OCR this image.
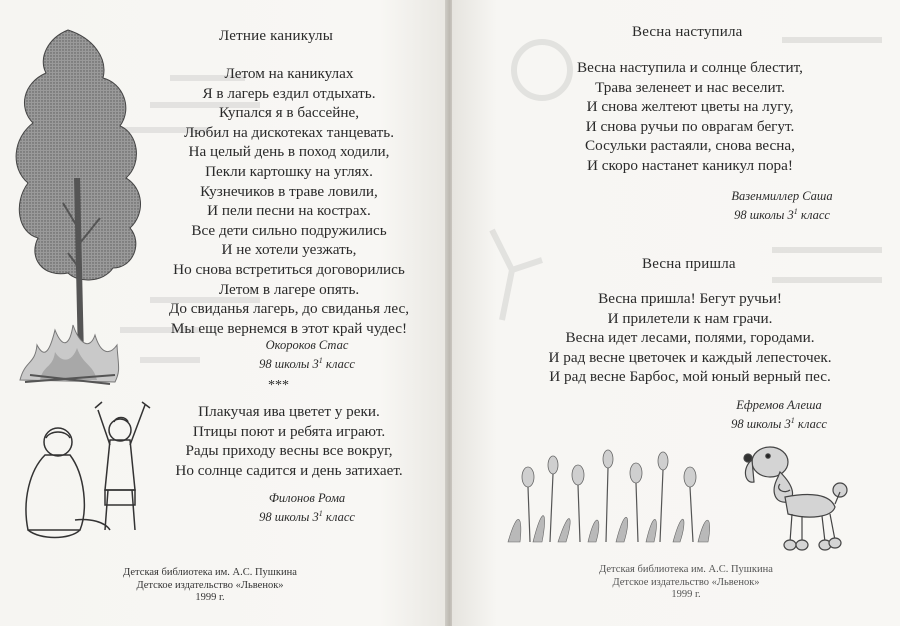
Летние каникулы
Летом на каникулах
Я в лагерь ездил отдыхать.
Купался я в бассейне,
Любил на дискотеках танцевать.
На целый день в поход ходили,
Пекли картошку на углях.
Кузнечиков в траве ловили,
И пели песни на кострах.
Все дети сильно подружились
И не хотели уезжать,
Но снова встретиться договорились
Летом в лагере опять.
До свиданья лагерь, до свиданья лес,
Мы еще вернемся в этот край чудес!
Окороков Стас
98 школы $3^1$ класс
***
Плакучая ива цветет у реки.
Птицы поют и ребята играют.
Рады приходу весны все вокруг,
Но солнце садится и день затихает.
Филонов Рома
98 школы $3^1$ класс
Детская библиотека им. А.С. Пушкина
Детское издательство «Львенок»
1999 г.
Весна наступила
Весна наступила и солнце блестит,
Трава зеленеет и нас веселит.
И снова желтеют цветы на лугу,
И снова ручьи по оврагам бегут.
Сосульки растаяли, снова весна,
И скоро настанет каникул пора!
Вазенмиллер Саша
98 школы $3^1$ класс
Весна пришла
Весна пришла! Бегут ручьи!
И прилетели к нам грачи.
Весна идет лесами, полями, городами.
И рад весне цветочек и каждый лепесточек.
И рад весне Барбос, мой юный верный пес.
Ефремов Алеша
98 школы $3^1$ класс
Детская библиотека им. А.С. Пушкина
Детское издательство «Львенок»
1999 г.
